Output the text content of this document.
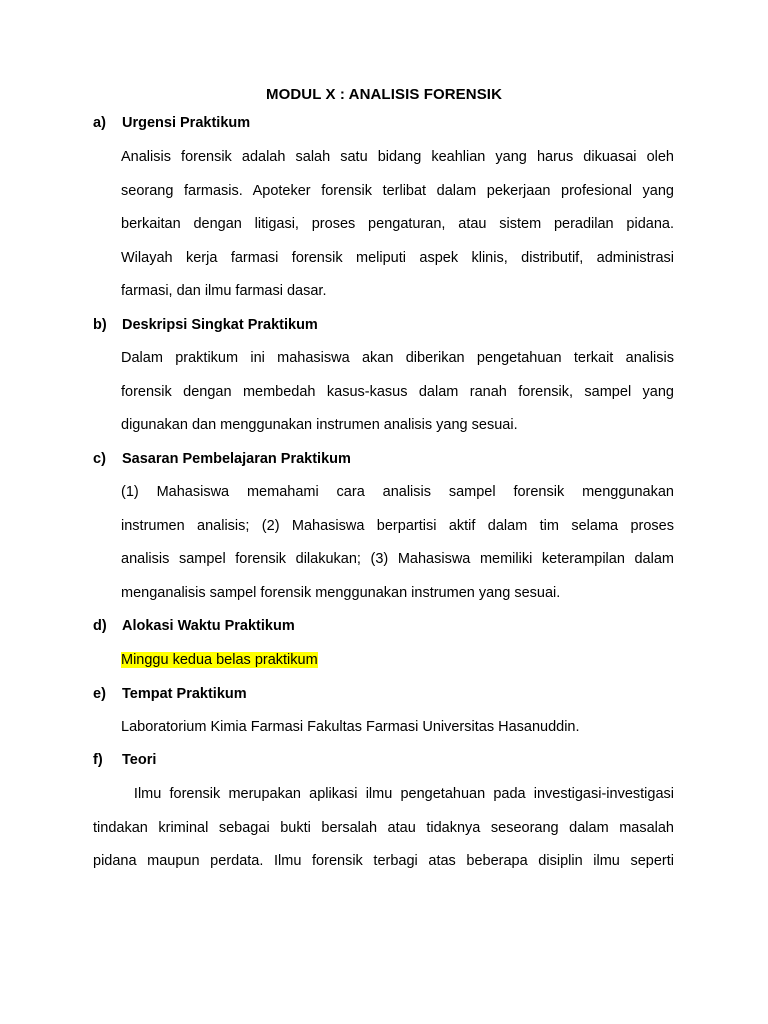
MODUL X : ANALISIS FORENSIK
a) Urgensi Praktikum
Analisis forensik adalah salah satu bidang keahlian yang harus dikuasai oleh
seorang farmasis. Apoteker forensik terlibat dalam pekerjaan profesional yang
berkaitan dengan litigasi, proses pengaturan, atau sistem peradilan pidana.
Wilayah kerja farmasi forensik meliputi aspek klinis, distributif, administrasi
farmasi, dan ilmu farmasi dasar.
b) Deskripsi Singkat Praktikum
Dalam praktikum ini mahasiswa akan diberikan pengetahuan terkait analisis
forensik dengan membedah kasus-kasus dalam ranah forensik, sampel yang
digunakan dan menggunakan instrumen analisis yang sesuai.
c) Sasaran Pembelajaran Praktikum
(1) Mahasiswa memahami cara analisis sampel forensik menggunakan
instrumen analisis; (2) Mahasiswa berpartisi aktif dalam tim selama proses
analisis sampel forensik dilakukan; (3) Mahasiswa memiliki keterampilan dalam
menganalisis sampel forensik menggunakan instrumen yang sesuai.
d) Alokasi Waktu Praktikum
Minggu kedua belas praktikum
e) Tempat Praktikum
Laboratorium Kimia Farmasi Fakultas Farmasi Universitas Hasanuddin.
f) Teori
Ilmu forensik merupakan aplikasi ilmu pengetahuan pada investigasi-investigasi
tindakan kriminal sebagai bukti bersalah atau tidaknya seseorang dalam masalah
pidana maupun perdata. Ilmu forensik terbagi atas beberapa disiplin ilmu seperti
